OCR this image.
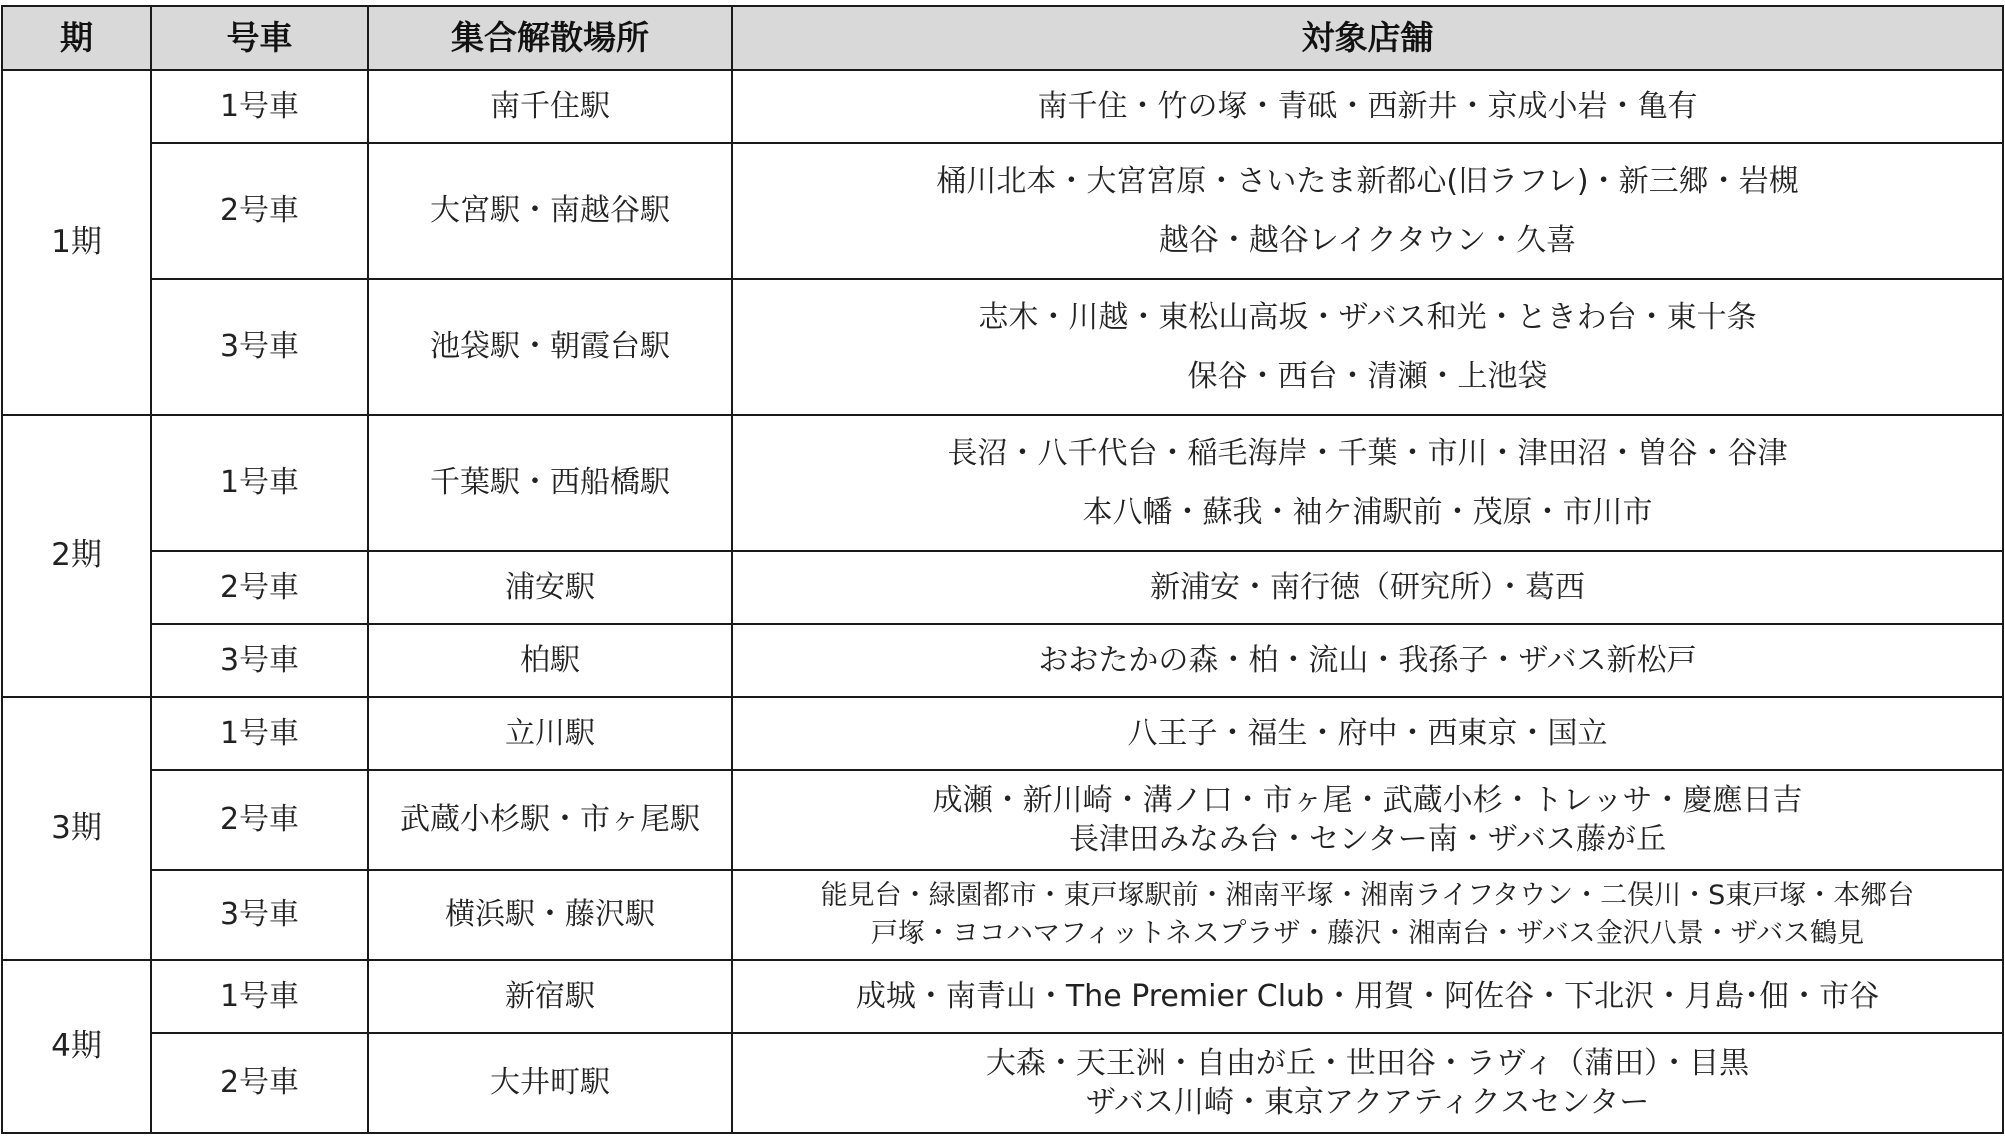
期	号車	集合解散場所	対象店舗
1期	1号車	南千住駅	南千住・竹の塚・青砥・西新井・京成小岩・亀有

	2号車	大宮駅・南越谷駅	桶川北本・大宮宮原・さいたま新都心(旧ラフレ)・新三郷・岩槻
越谷・越谷レイクタウン・久喜

	3号車	池袋駅・朝霞台駅	志木・川越・東松山高坂・ザバス和光・ときわ台・東十条
保谷・西台・清瀬・上池袋

2期	1号車	千葉駅・西船橋駅	長沼・八千代台・稲毛海岸・千葉・市川・津田沼・曽谷・谷津
本八幡・蘇我・袖ケ浦駅前・茂原・市川市

	2号車	浦安駅	新浦安・南行徳（研究所）・葛西

	3号車	柏駅	おおたかの森・柏・流山・我孫子・ザバス新松戸

3期	1号車	立川駅	八王子・福生・府中・西東京・国立

	2号車	武蔵小杉駅・市ヶ尾駅	成瀬・新川崎・溝ノ口・市ヶ尾・武蔵小杉・トレッサ・慶應日吉
長津田みなみ台・センター南・ザバス藤が丘

	3号車	横浜駅・藤沢駅	能見台・緑園都市・東戸塚駅前・湘南平塚・湘南ライフタウン・二俣川・S東戸塚・本郷台
戸塚・ヨコハマフィットネスプラザ・藤沢・湘南台・ザバス金沢八景・ザバス鶴見

4期	1号車	新宿駅	成城・南青山・The Premier Club・用賀・阿佐谷・下北沢・月島･佃・市谷

	2号車	大井町駅	大森・天王洲・自由が丘・世田谷・ラヴィ（蒲田）・目黒
ザバス川崎・東京アクアティクスセンター
